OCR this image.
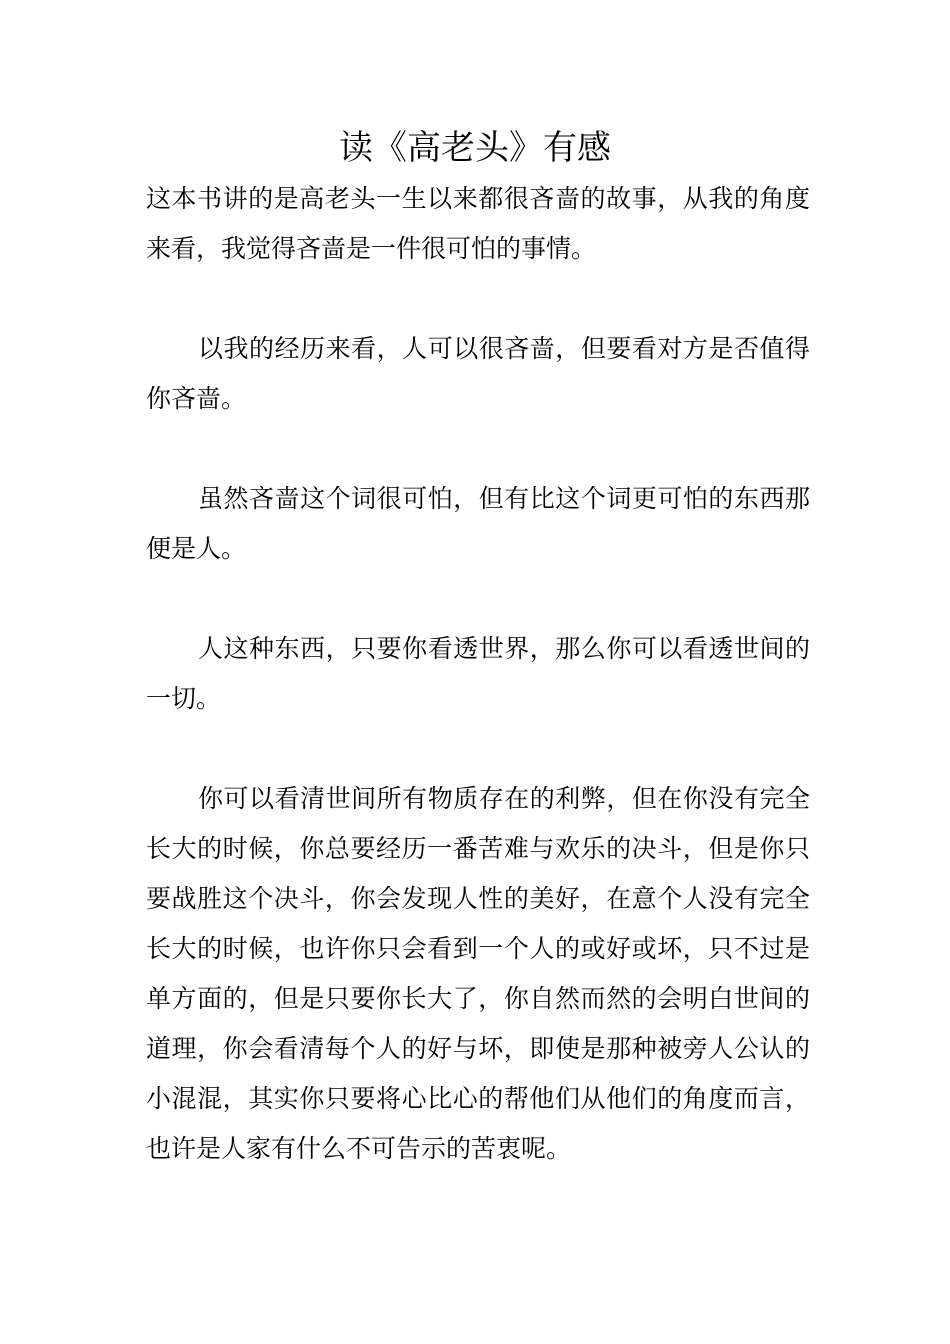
读《高老头》有感

这本书讲的是高老头一生以来都很吝啬的故事，从我的角度来看，我觉得吝啬是一件很可怕的事情。

以我的经历来看，人可以很吝啬，但要看对方是否值得你吝啬。

虽然吝啬这个词很可怕，但有比这个词更可怕的东西那便是人。

人这种东西，只要你看透世界，那么你可以看透世间的一切。

你可以看清世间所有物质存在的利弊，但在你没有完全长大的时候，你总要经历一番苦难与欢乐的决斗，但是你只要战胜这个决斗，你会发现人性的美好，在意个人没有完全长大的时候，也许你只会看到一个人的或好或坏，只不过是单方面的，但是只要你长大了，你自然而然的会明白世间的道理，你会看清每个人的好与坏，即使是那种被旁人公认的小混混，其实你只要将心比心的帮他们从他们的角度而言，也许是人家有什么不可告示的苦衷呢。
